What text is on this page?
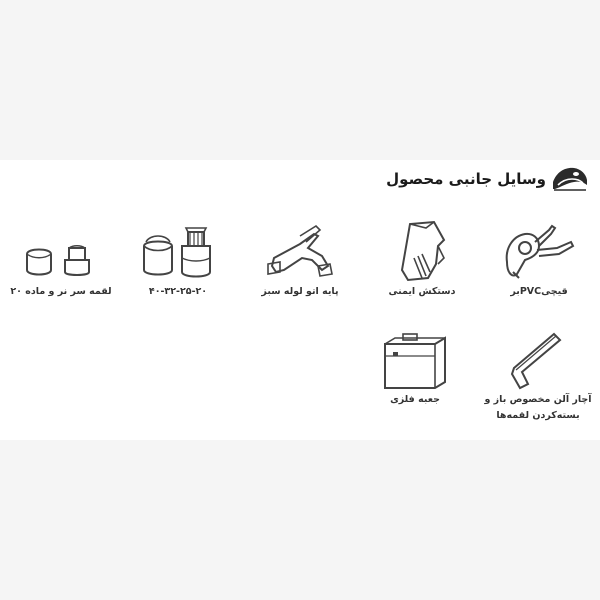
وسایل جانبی محصول
قیچیPVCبر
دستکش ایمنی
پایه اتو لوله سبز
۴۰-۳۲-۲۵-۲۰
لقمه سر نر و ماده ۲۰
آچار آلن مخصوص باز و
بسته‌کردن لقمه‌ها
جعبه فلزی
